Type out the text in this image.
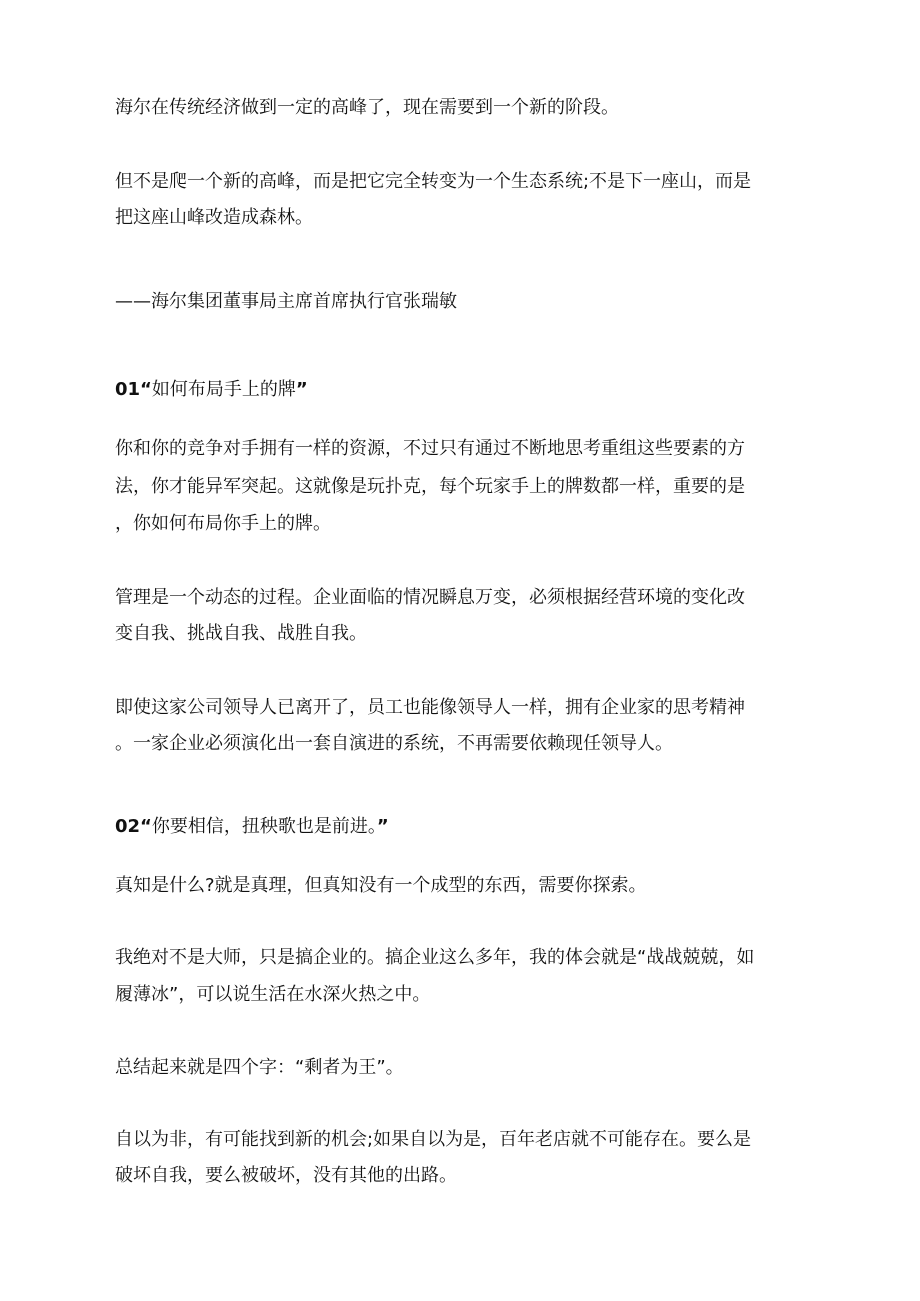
海尔在传统经济做到一定的高峰了，现在需要到一个新的阶段。
但不是爬一个新的高峰，而是把它完全转变为一个生态系统;不是下一座山，而是
把这座山峰改造成森林。
——海尔集团董事局主席首席执行官张瑞敏
01“如何布局手上的牌”
你和你的竞争对手拥有一样的资源，不过只有通过不断地思考重组这些要素的方
法，你才能异军突起。这就像是玩扑克，每个玩家手上的牌数都一样，重要的是
，你如何布局你手上的牌。
管理是一个动态的过程。企业面临的情况瞬息万变，必须根据经营环境的变化改
变自我、挑战自我、战胜自我。
即使这家公司领导人已离开了，员工也能像领导人一样，拥有企业家的思考精神
。一家企业必须演化出一套自演进的系统，不再需要依赖现任领导人。
02“你要相信，扭秧歌也是前进。”
真知是什么?就是真理，但真知没有一个成型的东西，需要你探索。
我绝对不是大师，只是搞企业的。搞企业这么多年，我的体会就是“战战兢兢，如
履薄冰”，可以说生活在水深火热之中。
总结起来就是四个字：“剩者为王”。
自以为非，有可能找到新的机会;如果自以为是，百年老店就不可能存在。要么是
破坏自我，要么被破坏，没有其他的出路。
